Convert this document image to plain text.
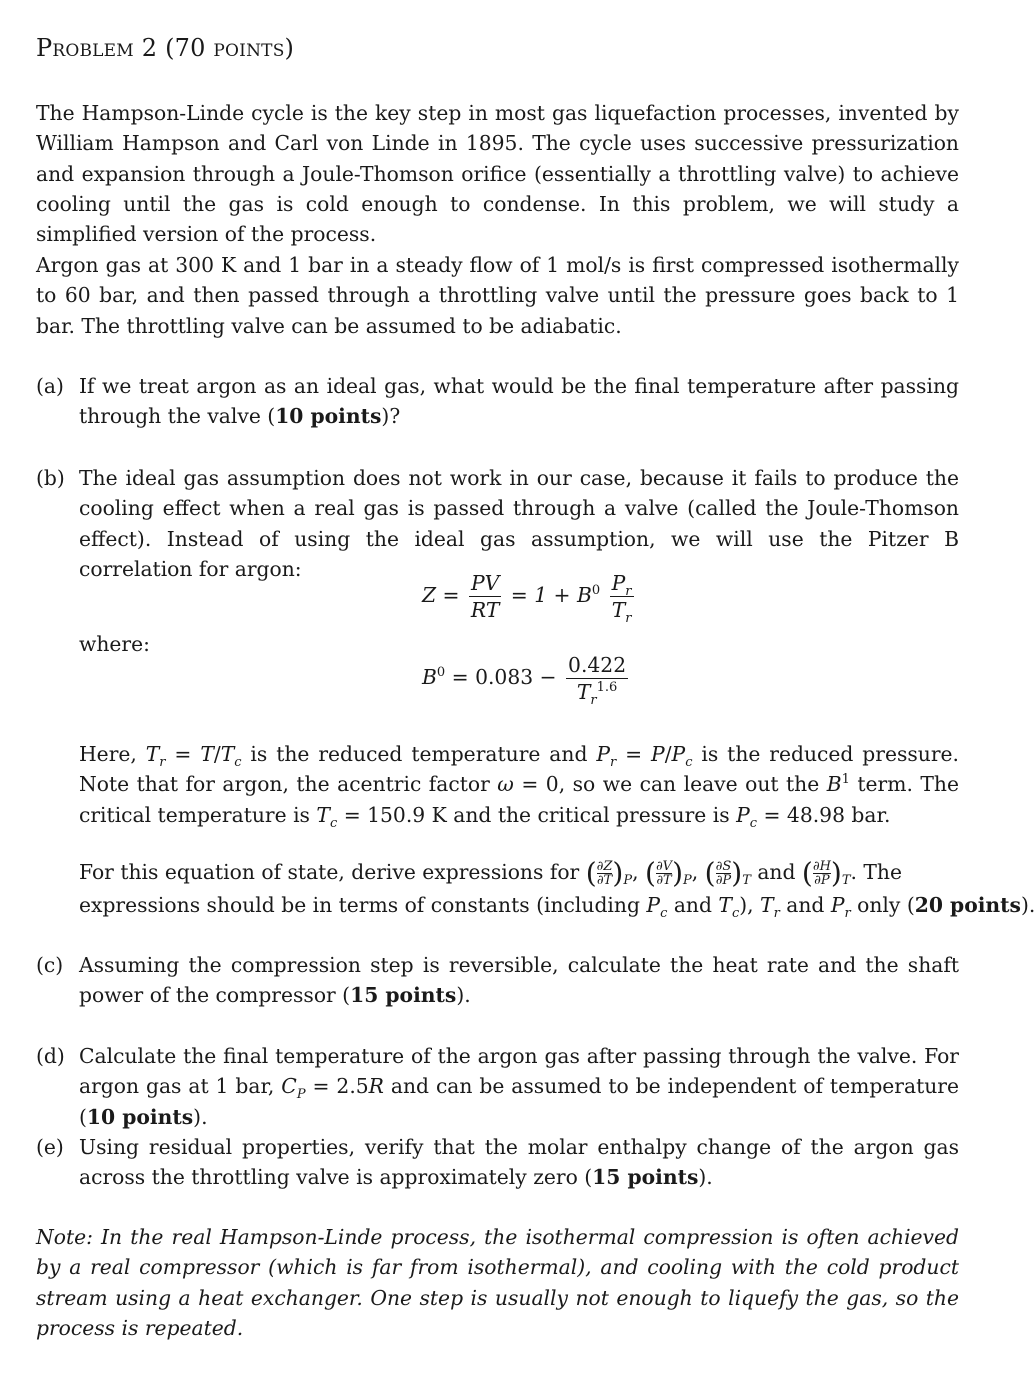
Problem 2 (70 points)
The Hampson-Linde cycle is the key step in most gas liquefaction processes, invented by William Hampson and Carl von Linde in 1895. The cycle uses successive pressurization and expansion through a Joule-Thomson orifice (essentially a throttling valve) to achieve cooling until the gas is cold enough to condense. In this problem, we will study a simplified version of the process.
Argon gas at 300 K and 1 bar in a steady flow of 1 mol/s is first compressed isothermally to 60 bar, and then passed through a throttling valve until the pressure goes back to 1 bar. The throttling valve can be assumed to be adiabatic.
(a) If we treat argon as an ideal gas, what would be the final temperature after passing through the valve (10 points)?
(b) The ideal gas assumption does not work in our case, because it fails to produce the cooling effect when a real gas is passed through a valve (called the Joule-Thomson effect). Instead of using the ideal gas assumption, we will use the Pitzer B correlation for argon:
$Z = \frac{PV}{RT} = 1 + B^0 \frac{P_r}{T_r}$
where:
$B^0 = 0.083 - \frac{0.422}{T_r^{1.6}}$
Here, $T_r = T/T_c$ is the reduced temperature and $P_r = P/P_c$ is the reduced pressure. Note that for argon, the acentric factor ω = 0, so we can leave out the $B^1$ term. The critical temperature is $T_c = 150.9$ K and the critical pressure is $P_c = 48.98$ bar.
For this equation of state, derive expressions for ( $\frac{\partial Z}{\partial T})_P$, ( $\frac{\partial V}{\partial T})_P$, ( $\frac{\partial S}{\partial P})_T$ and ( $\frac{\partial H}{\partial P})_T$. The
expressions should be in terms of constants (including $P_c$ and $T_c$), $T_r$ and $P_r$ only (20 points).
(c) Assuming the compression step is reversible, calculate the heat rate and the shaft power of the compressor (15 points).
(d) Calculate the final temperature of the argon gas after passing through the valve. For argon gas at 1 bar, $C_P = 2.5R$ and can be assumed to be independent of temperature (10 points).
(e) Using residual properties, verify that the molar enthalpy change of the argon gas across the throttling valve is approximately zero (15 points).
Note: In the real Hampson-Linde process, the isothermal compression is often achieved by a real compressor (which is far from isothermal), and cooling with the cold product stream using a heat exchanger. One step is usually not enough to liquefy the gas, so the process is repeated.
